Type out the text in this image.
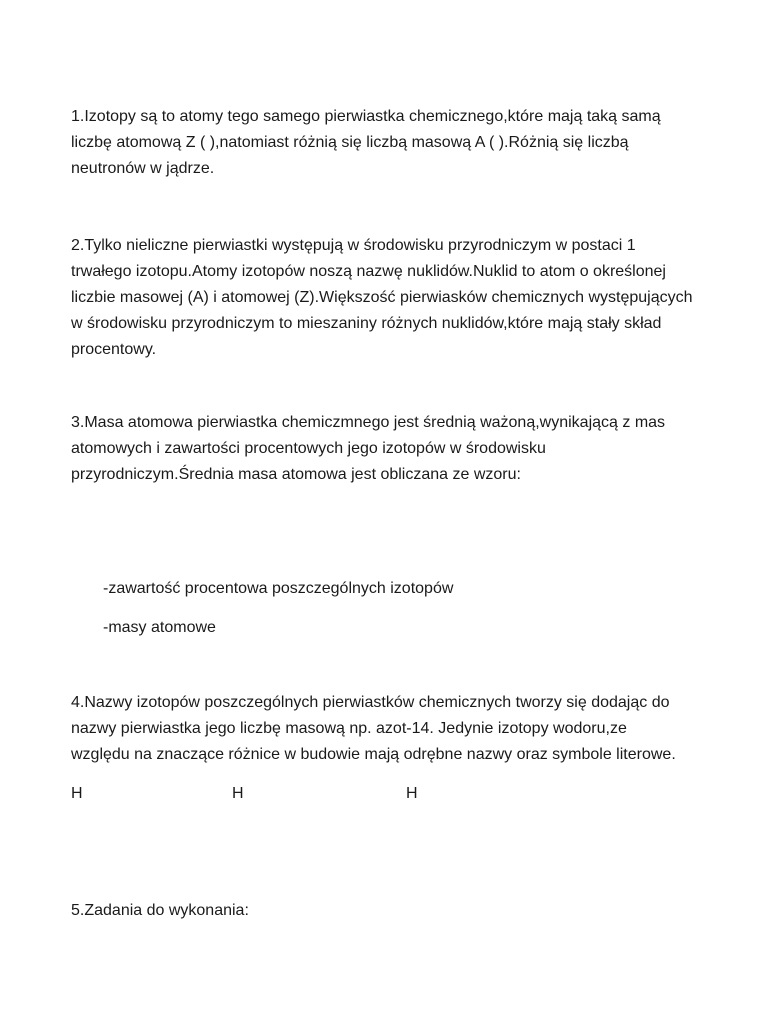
1.Izotopy są to atomy tego samego pierwiastka chemicznego,które mają taką samą
liczbę atomową Z ( ),natomiast różnią się liczbą masową A ( ).Różnią się liczbą
neutronów w jądrze.

2.Tylko nieliczne pierwiastki występują w środowisku przyrodniczym w postaci 1
trwałego izotopu.Atomy izotopów noszą nazwę nuklidów.Nuklid to atom o określonej
liczbie masowej (A) i atomowej (Z).Większość pierwiasków chemicznych występujących
w środowisku przyrodniczym to mieszaniny różnych nuklidów,które mają stały skład
procentowy.

3.Masa atomowa pierwiastka chemiczmnego jest średnią ważoną,wynikającą z mas
atomowych i zawartości procentowych jego izotopów w środowisku
przyrodniczym.Średnia masa atomowa jest obliczana ze wzoru:

-zawartość procentowa poszczególnych izotopów

-masy atomowe

4.Nazwy izotopów poszczególnych pierwiastków chemicznych tworzy się dodając do
nazwy pierwiastka jego liczbę masową np. azot-14. Jedynie izotopy wodoru,ze
względu na znaczące różnice w budowie mają odrębne nazwy oraz symbole literowe.

H	H	H

5.Zadania do wykonania:
